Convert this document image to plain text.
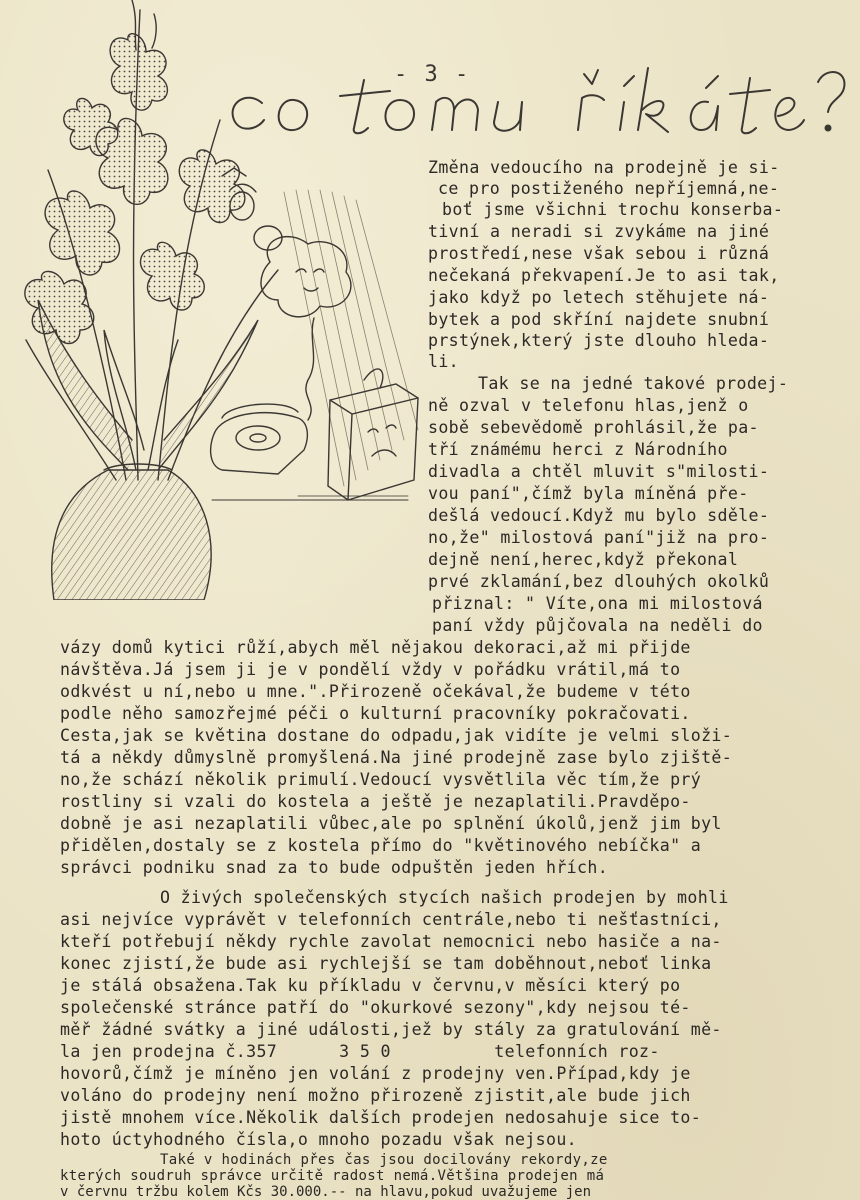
- 3 -
Změna vedoucího na prodejně je si-
ce pro postiženého nepříjemná,ne-
boť jsme všichni trochu konserba-
tivní a neradi si zvykáme na jiné
prostředí,nese však sebou i různá
nečekaná překvapení.Je to asi tak,
jako když po letech stěhujete ná-
bytek a pod skříní najdete snubní
prstýnek,který jste dlouho hleda-
li.
Tak se na jedné takové prodej-
ně ozval v telefonu hlas,jenž o
sobě sebevědomě prohlásil,že pa-
tří známému herci z Národního
divadla a chtěl mluvit s"milosti-
vou paní",čímž byla míněná pře-
dešlá vedoucí.Když mu bylo sděle-
no,že" milostová paní"již na pro-
dejně není,herec,když překonal
prvé zklamání,bez dlouhých okolků
přiznal: " Víte,ona mi milostová
paní vždy půjčovala na neděli do
vázy domů kytici růží,abych měl nějakou dekoraci,až mi přijde
návštěva.Já jsem ji je v pondělí vždy v pořádku vrátil,má to
odkvést u ní,nebo u mne.".Přirozeně očekával,že budeme v této
podle něho samozřejmé péči o kulturní pracovníky pokračovati.
Cesta,jak se květina dostane do odpadu,jak vidíte je velmi složi-
tá a někdy důmyslně promyšlená.Na jiné prodejně zase bylo zjiště-
no,že schází několik primulí.Vedoucí vysvětlila věc tím,že prý
rostliny si vzali do kostela a ještě je nezaplatili.Pravděpo-
dobně je asi nezaplatili vůbec,ale po splnění úkolů,jenž jim byl
přidělen,dostaly se z kostela přímo do "květinového nebíčka" a
správci podniku snad za to bude odpuštěn jeden hřích.
O živých společenských stycích našich prodejen by mohli
asi nejvíce vyprávět v telefonních centrále,nebo ti nešťastníci,
kteří potřebují někdy rychle zavolat nemocnici nebo hasiče a na-
konec zjistí,že bude asi rychlejší se tam doběhnout,neboť linka
je stálá obsažena.Tak ku příkladu v červnu,v měsíci který po
společenské stránce patří do "okurkové sezony",kdy nejsou té-
měř žádné svátky a jiné události,jež by stály za gratulování mě-
la jen prodejna č.357      3 5 0          telefonních roz-
hovorů,čímž je míněno jen volání z prodejny ven.Případ,kdy je
voláno do prodejny není možno přirozeně zjistit,ale bude jich
jistě mnohem více.Několik dalších prodejen nedosahuje sice to-
hoto úctyhodného čísla,o mnoho pozadu však nejsou.
Také v hodinách přes čas jsou docilovány rekordy,ze
kterých soudruh správce určitě radost nemá.Většina prodejen má
v červnu tržbu kolem Kčs 30.000.-- na hlavu,pokud uvažujeme jen
